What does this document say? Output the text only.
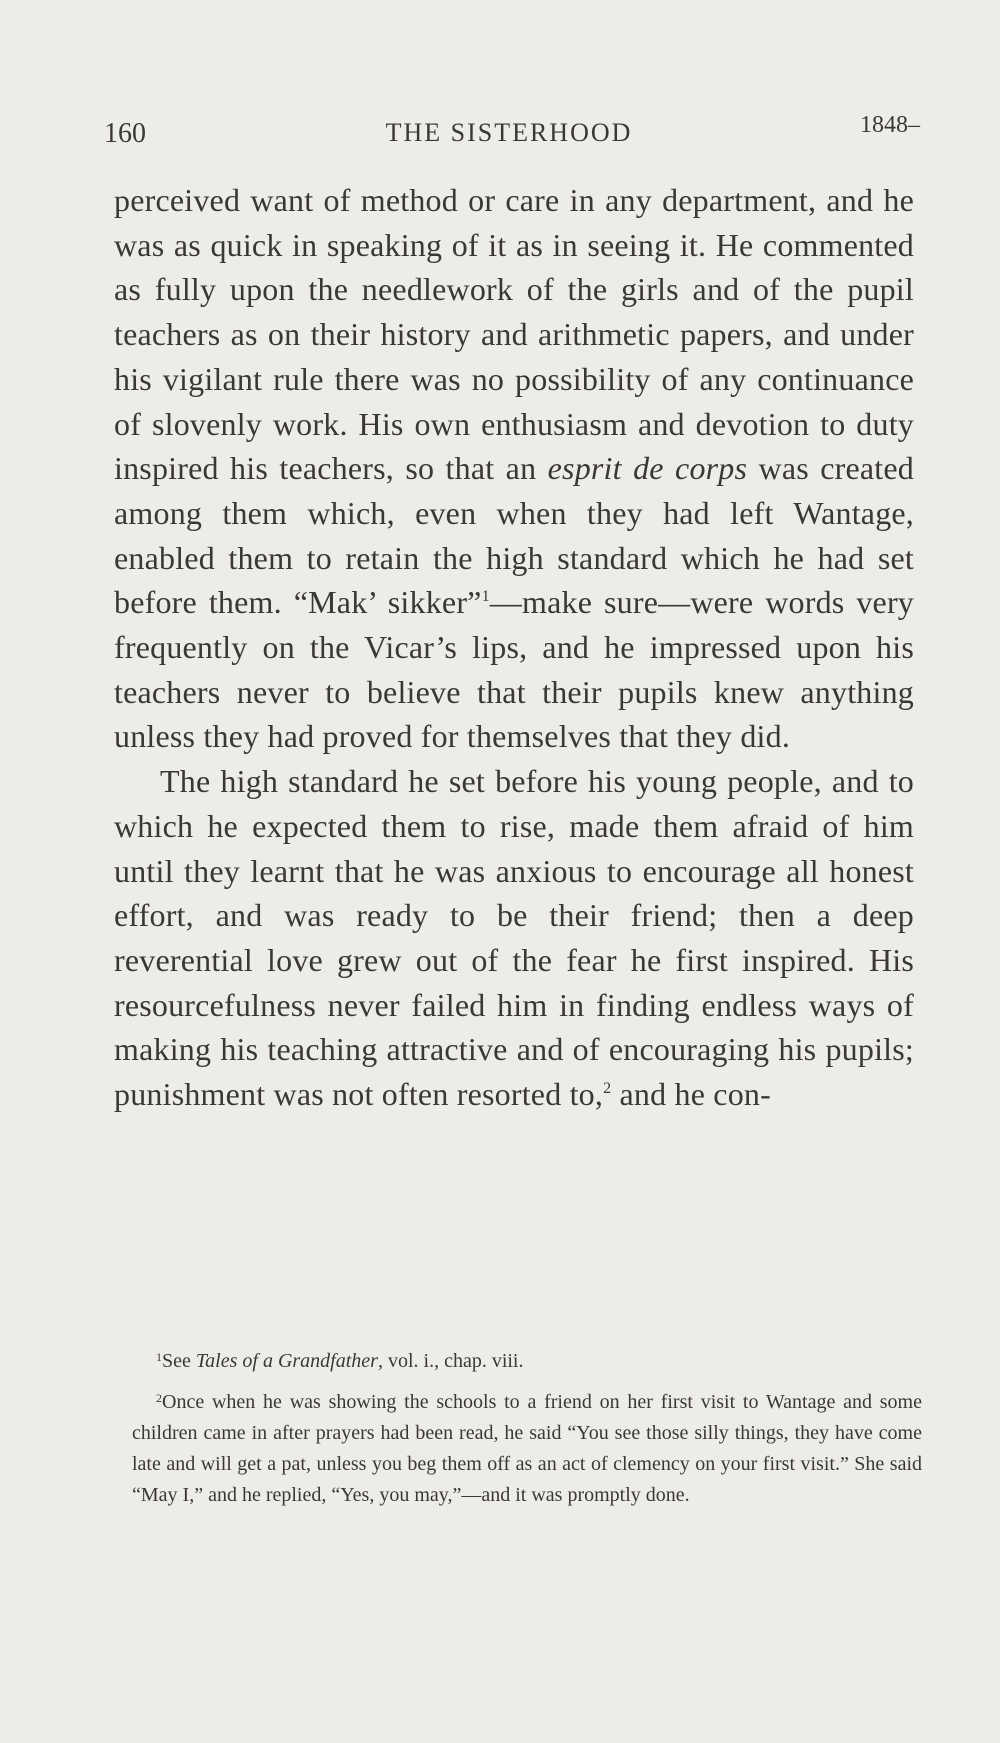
160	THE SISTERHOOD	1848–

perceived want of method or care in any department, and he was as quick in speaking of it as in seeing it. He commented as fully upon the needlework of the girls and of the pupil teachers as on their history and arithmetic papers, and under his vigilant rule there was no possibility of any continuance of slovenly work. His own enthusiasm and devotion to duty inspired his teachers, so that an esprit de corps was created among them which, even when they had left Wantage, enabled them to retain the high standard which he had set before them. “Mak’ sikker”$^1$—make sure—were words very frequently on the Vicar’s lips, and he impressed upon his teachers never to believe that their pupils knew anything unless they had proved for themselves that they did.

The high standard he set before his young people, and to which he expected them to rise, made them afraid of him until they learnt that he was anxious to encourage all honest effort, and was ready to be their friend; then a deep reverential love grew out of the fear he first inspired. His resourcefulness never failed him in finding endless ways of making his teaching attractive and of encouraging his pupils; punishment was not often resorted to,$^2$ and he con-

$^1$See Tales of a Grandfather, vol. i., chap. viii.
$^2$Once when he was showing the schools to a friend on her first visit to Wantage and some children came in after prayers had been read, he said “You see those silly things, they have come late and will get a pat, unless you beg them off as an act of clemency on your first visit.” She said “May I,” and he replied, “Yes, you may,”—and it was promptly done.
